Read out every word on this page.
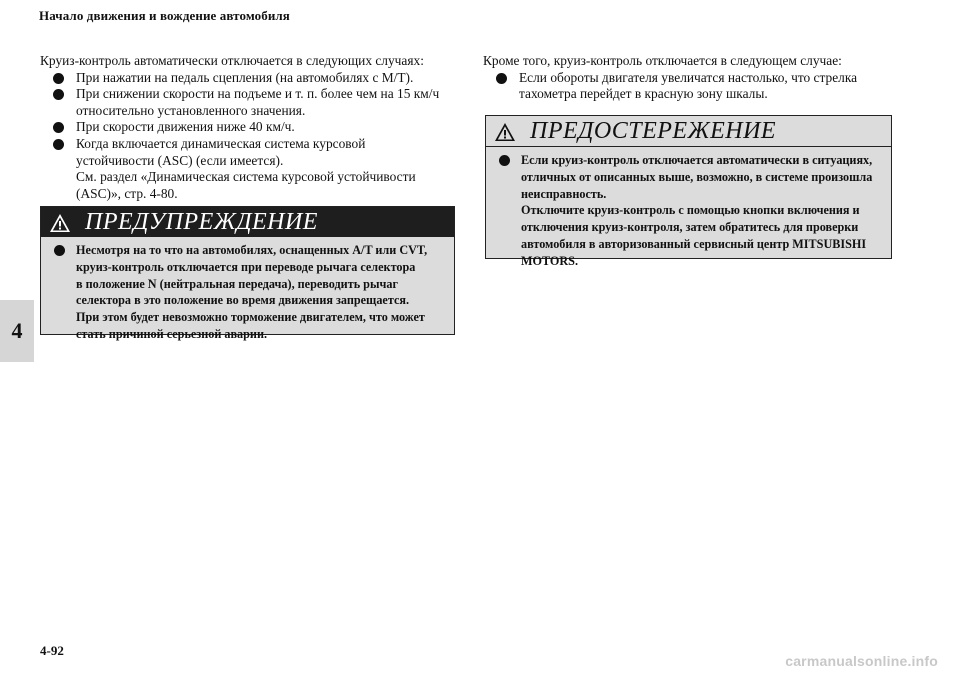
Начало движения и вождение автомобиля
4
Круиз-контроль автоматически отключается в следующих случаях:
При нажатии на педаль сцепления (на автомобилях с M/T).
При снижении скорости на подъеме и т. п. более чем на 15 км/ч
относительно установленного значения.
При скорости движения ниже 40 км/ч.
Когда включается динамическая система курсовой
устойчивости (ASC) (если имеется).
См. раздел «Динамическая система курсовой устойчивости
(ASC)», стр. 4-80.
ПРЕДУПРЕЖДЕНИЕ
Несмотря на то что на автомобилях, оснащенных A/T или CVT,
круиз-контроль отключается при переводе рычага селектора
в положение N (нейтральная передача), переводить рычаг
селектора в это положение во время движения запрещается.
При этом будет невозможно торможение двигателем, что может
стать причиной серьезной аварии.
Кроме того, круиз-контроль отключается в следующем случае:
Если обороты двигателя увеличатся настолько, что стрелка
тахометра перейдет в красную зону шкалы.
ПРЕДОСТЕРЕЖЕНИЕ
Если круиз-контроль отключается автоматически в ситуациях,
отличных от описанных выше, возможно, в системе произошла
неисправность.
Отключите круиз-контроль с помощью кнопки включения и
отключения круиз-контроля, затем обратитесь для проверки
автомобиля в авторизованный сервисный центр MITSUBISHI
MOTORS.
4-92
carmanualsonline.info
